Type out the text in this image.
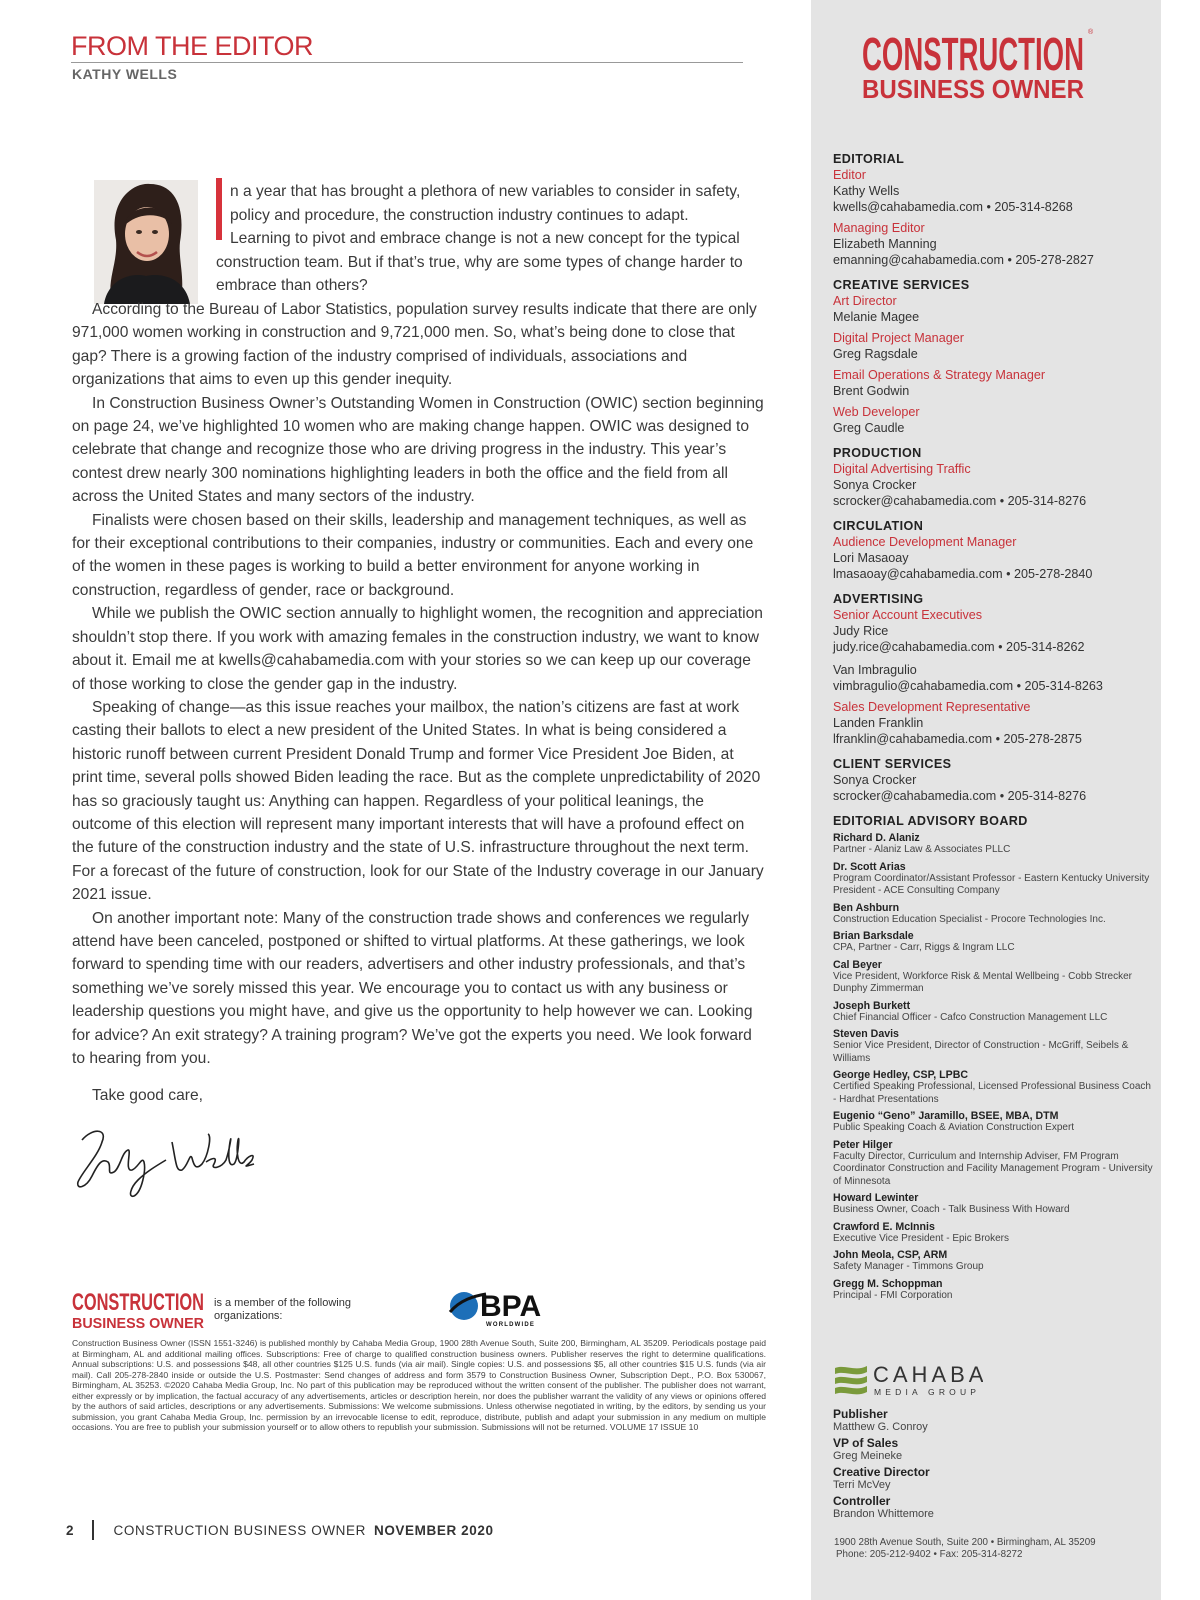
FROM THE EDITOR
KATHY WELLS

n a year that has brought a plethora of new variables to consider in safety,

policy and procedure, the construction industry continues to adapt.

Learning to pivot and embrace change is not a new concept for the typical

construction team. But if that’s true, why are some types of change harder to

embrace than others?

According to the Bureau of Labor Statistics, population survey results indicate that there are only 971,000 women working in construction and 9,721,000 men. So, what’s being done to close that gap? There is a growing faction of the industry comprised of individuals, associations and organizations that aims to even up this gender inequity.

In Construction Business Owner’s Outstanding Women in Construction (OWIC) section beginning on page 24, we’ve highlighted 10 women who are making change happen. OWIC was designed to celebrate that change and recognize those who are driving progress in the industry. This year’s contest drew nearly 300 nominations highlighting leaders in both the office and the field from all across the United States and many sectors of the industry.

Finalists were chosen based on their skills, leadership and management techniques, as well as for their exceptional contributions to their companies, industry or communities. Each and every one of the women in these pages is working to build a better environment for anyone working in construction, regardless of gender, race or background.

While we publish the OWIC section annually to highlight women, the recognition and appreciation shouldn’t stop there. If you work with amazing females in the construction industry, we want to know about it. Email me at kwells@cahabamedia.com with your stories so we can keep up our coverage of those working to close the gender gap in the industry.

Speaking of change—as this issue reaches your mailbox, the nation’s citizens are fast at work casting their ballots to elect a new president of the United States. In what is being considered a historic runoff between current President Donald Trump and former Vice President Joe Biden, at print time, several polls showed Biden leading the race. But as the complete unpredictability of 2020 has so graciously taught us: Anything can happen. Regardless of your political leanings, the outcome of this election will represent many important interests that will have a profound effect on the future of the construction industry and the state of U.S. infrastructure throughout the next term. For a forecast of the future of construction, look for our State of the Industry coverage in our January 2021 issue.

On another important note: Many of the construction trade shows and conferences we regularly attend have been canceled, postponed or shifted to virtual platforms. At these gatherings, we look forward to spending time with our readers, advertisers and other industry professionals, and that’s something we’ve sorely missed this year. We encourage you to contact us with any business or leadership questions you might have, and give us the opportunity to help however we can. Looking for advice? An exit strategy? A training program? We’ve got the experts you need. We look forward to hearing from you.

Take good care,
CONSTRUCTION
BUSINESS OWNER
is a member of the following organizations:	BPA
WORLDWIDE
Construction Business Owner (ISSN 1551-3246) is published monthly by Cahaba Media Group, 1900 28th Avenue South, Suite 200, Birmingham, AL 35209. Periodicals postage paid at Birmingham, AL and additional mailing offices. Subscriptions: Free of charge to qualified construction business owners. Publisher reserves the right to determine qualifications. Annual subscriptions: U.S. and possessions $48, all other countries $125 U.S. funds (via air mail). Single copies: U.S. and possessions $5, all other countries $15 U.S. funds (via air mail). Call 205-278-2840 inside or outside the U.S. Postmaster: Send changes of address and form 3579 to Construction Business Owner, Subscription Dept., P.O. Box 530067, Birmingham, AL 35253. ©2020 Cahaba Media Group, Inc. No part of this publication may be reproduced without the written consent of the publisher. The publisher does not warrant, either expressly or by implication, the factual accuracy of any advertisements, articles or description herein, nor does the publisher warrant the validity of any views or opinions offered by the authors of said articles, descriptions or any advertisements. Submissions: We welcome submissions. Unless otherwise negotiated in writing, by the editors, by sending us your submission, you grant Cahaba Media Group, Inc. permission by an irrevocable license to edit, reproduce, distribute, publish and adapt your submission in any medium on multiple occasions. You are free to publish your submission yourself or to allow others to republish your submission. Submissions will not be returned. VOLUME 17 ISSUE 10
2	CONSTRUCTION BUSINESS OWNER NOVEMBER 2020
CONSTRUCTION ®
BUSINESS OWNER
EDITORIAL
Editor
Kathy Wells
kwells@cahabamedia.com • 205-314-8268
Managing Editor
Elizabeth Manning
emanning@cahabamedia.com • 205-278-2827
CREATIVE SERVICES
Art Director
Melanie Magee
Digital Project Manager
Greg Ragsdale
Email Operations & Strategy Manager
Brent Godwin
Web Developer
Greg Caudle
PRODUCTION
Digital Advertising Traffic
Sonya Crocker
scrocker@cahabamedia.com • 205-314-8276
CIRCULATION
Audience Development Manager
Lori Masaoay
lmasaoay@cahabamedia.com • 205-278-2840
ADVERTISING
Senior Account Executives
Judy Rice
judy.rice@cahabamedia.com • 205-314-8262
Van Imbragulio
vimbragulio@cahabamedia.com • 205-314-8263
Sales Development Representative
Landen Franklin
lfranklin@cahabamedia.com • 205-278-2875
CLIENT SERVICES
Sonya Crocker
scrocker@cahabamedia.com • 205-314-8276
EDITORIAL ADVISORY BOARD
Richard D. Alaniz
Partner - Alaniz Law & Associates PLLC
Dr. Scott Arias
Program Coordinator/Assistant Professor - Eastern Kentucky University
President - ACE Consulting Company
Ben Ashburn
Construction Education Specialist - Procore Technologies Inc.
Brian Barksdale
CPA, Partner - Carr, Riggs & Ingram LLC
Cal Beyer
Vice President, Workforce Risk & Mental Wellbeing - Cobb Strecker Dunphy Zimmerman
Joseph Burkett
Chief Financial Officer - Cafco Construction Management LLC
Steven Davis
Senior Vice President, Director of Construction - McGriff, Seibels & Williams
George Hedley, CSP, LPBC
Certified Speaking Professional, Licensed Professional Business Coach - Hardhat Presentations
Eugenio “Geno” Jaramillo, BSEE, MBA, DTM
Public Speaking Coach & Aviation Construction Expert
Peter Hilger
Faculty Director, Curriculum and Internship Adviser, FM Program Coordinator Construction and Facility Management Program - University of Minnesota
Howard Lewinter
Business Owner, Coach - Talk Business With Howard
Crawford E. McInnis
Executive Vice President - Epic Brokers
John Meola, CSP, ARM
Safety Manager - Timmons Group
Gregg M. Schoppman
Principal - FMI Corporation
CAHABA
MEDIA GROUP
Publisher
Matthew G. Conroy
VP of Sales
Greg Meineke
Creative Director
Terri McVey
Controller
Brandon Whittemore
1900 28th Avenue South, Suite 200 • Birmingham, AL 35209
Phone: 205-212-9402 • Fax: 205-314-8272
